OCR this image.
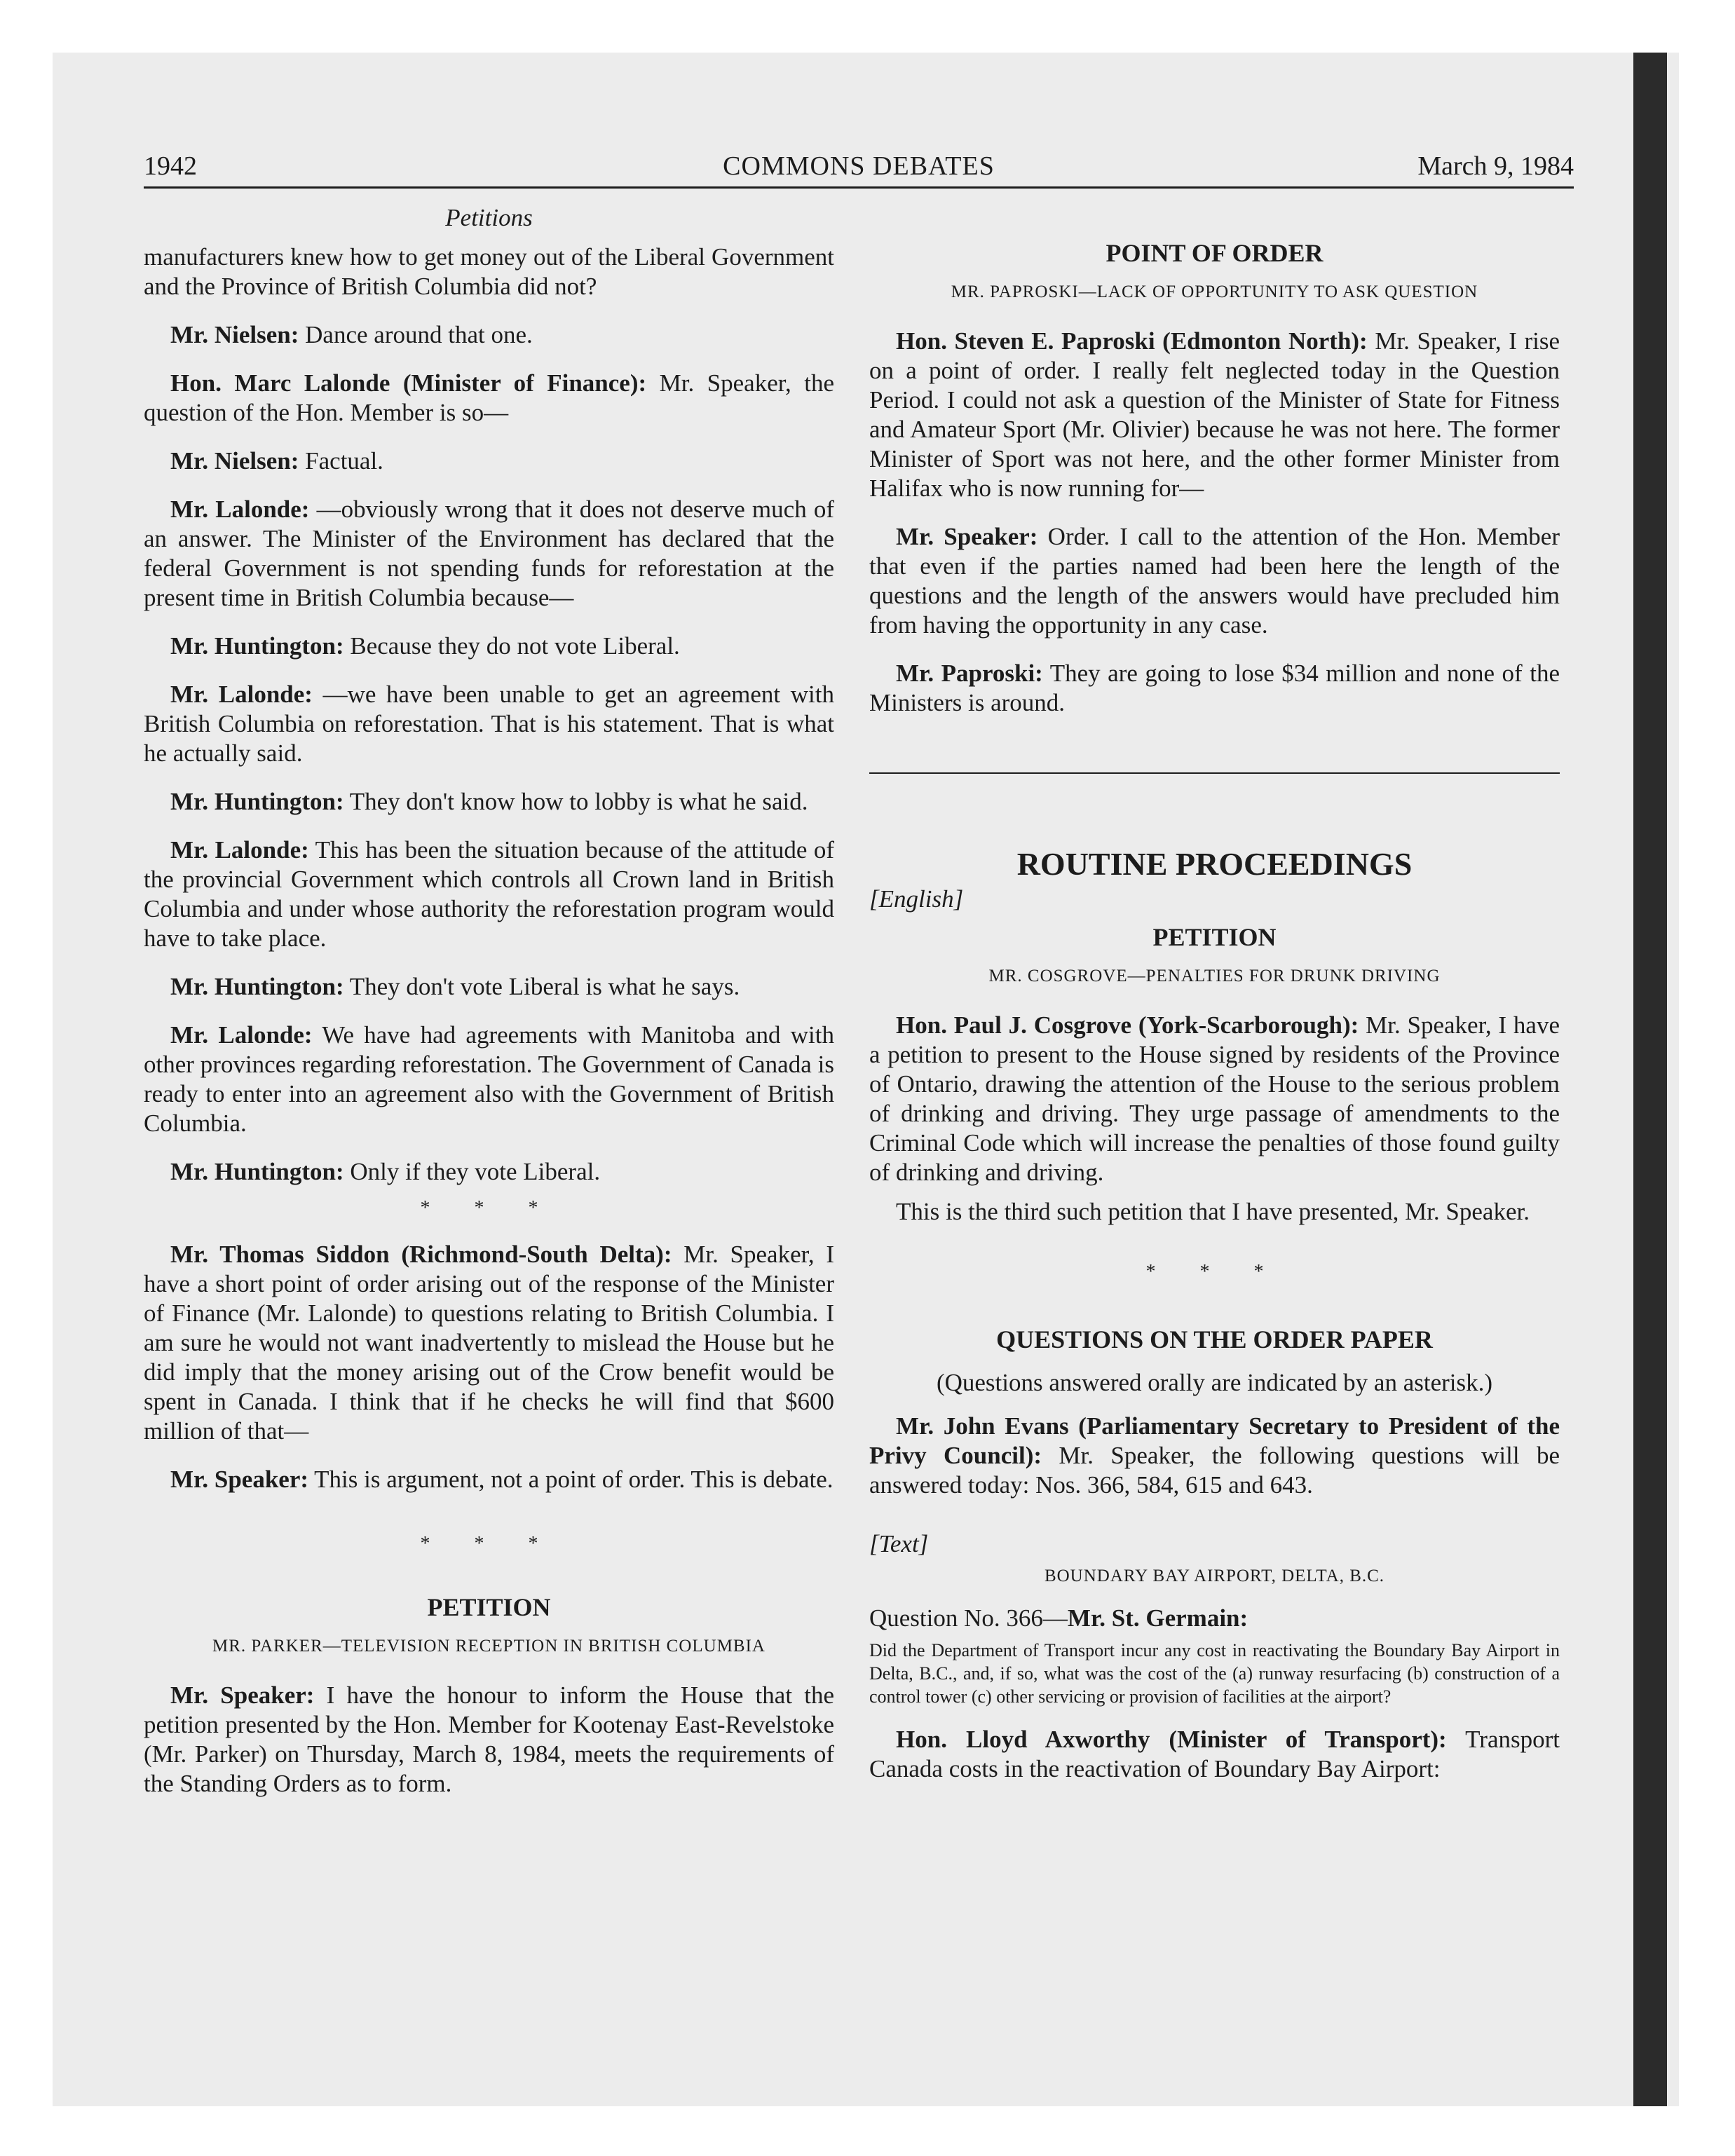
1942	COMMONS DEBATES	March 9, 1984
Petitions

manufacturers knew how to get money out of the Liberal Government and the Province of British Columbia did not?

Mr. Nielsen: Dance around that one.

Hon. Marc Lalonde (Minister of Finance): Mr. Speaker, the question of the Hon. Member is so—

Mr. Nielsen: Factual.

Mr. Lalonde: —obviously wrong that it does not deserve much of an answer. The Minister of the Environment has declared that the federal Government is not spending funds for reforestation at the present time in British Columbia because—

Mr. Huntington: Because they do not vote Liberal.

Mr. Lalonde: —we have been unable to get an agreement with British Columbia on reforestation. That is his statement. That is what he actually said.

Mr. Huntington: They don't know how to lobby is what he said.

Mr. Lalonde: This has been the situation because of the attitude of the provincial Government which controls all Crown land in British Columbia and under whose authority the reforestation program would have to take place.

Mr. Huntington: They don't vote Liberal is what he says.

Mr. Lalonde: We have had agreements with Manitoba and with other provinces regarding reforestation. The Government of Canada is ready to enter into an agreement also with the Government of British Columbia.

Mr. Huntington: Only if they vote Liberal.

* * *

Mr. Thomas Siddon (Richmond-South Delta): Mr. Speaker, I have a short point of order arising out of the response of the Minister of Finance (Mr. Lalonde) to questions relating to British Columbia. I am sure he would not want inadvertently to mislead the House but he did imply that the money arising out of the Crow benefit would be spent in Canada. I think that if he checks he will find that $600 million of that—

Mr. Speaker: This is argument, not a point of order. This is debate.

* * *
PETITION
MR. PARKER—TELEVISION RECEPTION IN BRITISH COLUMBIA

Mr. Speaker: I have the honour to inform the House that the petition presented by the Hon. Member for Kootenay East-Revelstoke (Mr. Parker) on Thursday, March 8, 1984, meets the requirements of the Standing Orders as to form.

POINT OF ORDER
MR. PAPROSKI—LACK OF OPPORTUNITY TO ASK QUESTION

Hon. Steven E. Paproski (Edmonton North): Mr. Speaker, I rise on a point of order. I really felt neglected today in the Question Period. I could not ask a question of the Minister of State for Fitness and Amateur Sport (Mr. Olivier) because he was not here. The former Minister of Sport was not here, and the other former Minister from Halifax who is now running for—

Mr. Speaker: Order. I call to the attention of the Hon. Member that even if the parties named had been here the length of the questions and the length of the answers would have precluded him from having the opportunity in any case.

Mr. Paproski: They are going to lose $34 million and none of the Ministers is around.

ROUTINE PROCEEDINGS
[English]
PETITION
MR. COSGROVE—PENALTIES FOR DRUNK DRIVING

Hon. Paul J. Cosgrove (York-Scarborough): Mr. Speaker, I have a petition to present to the House signed by residents of the Province of Ontario, drawing the attention of the House to the serious problem of drinking and driving. They urge passage of amendments to the Criminal Code which will increase the penalties of those found guilty of drinking and driving.

This is the third such petition that I have presented, Mr. Speaker.

* * *
QUESTIONS ON THE ORDER PAPER
(Questions answered orally are indicated by an asterisk.)

Mr. John Evans (Parliamentary Secretary to President of the Privy Council): Mr. Speaker, the following questions will be answered today: Nos. 366, 584, 615 and 643.

[Text]
BOUNDARY BAY AIRPORT, DELTA, B.C.
Question No. 366—Mr. St. Germain:
Did the Department of Transport incur any cost in reactivating the Boundary Bay Airport in Delta, B.C., and, if so, what was the cost of the (a) runway resurfacing (b) construction of a control tower (c) other servicing or provision of facilities at the airport?

Hon. Lloyd Axworthy (Minister of Transport): Transport Canada costs in the reactivation of Boundary Bay Airport:
